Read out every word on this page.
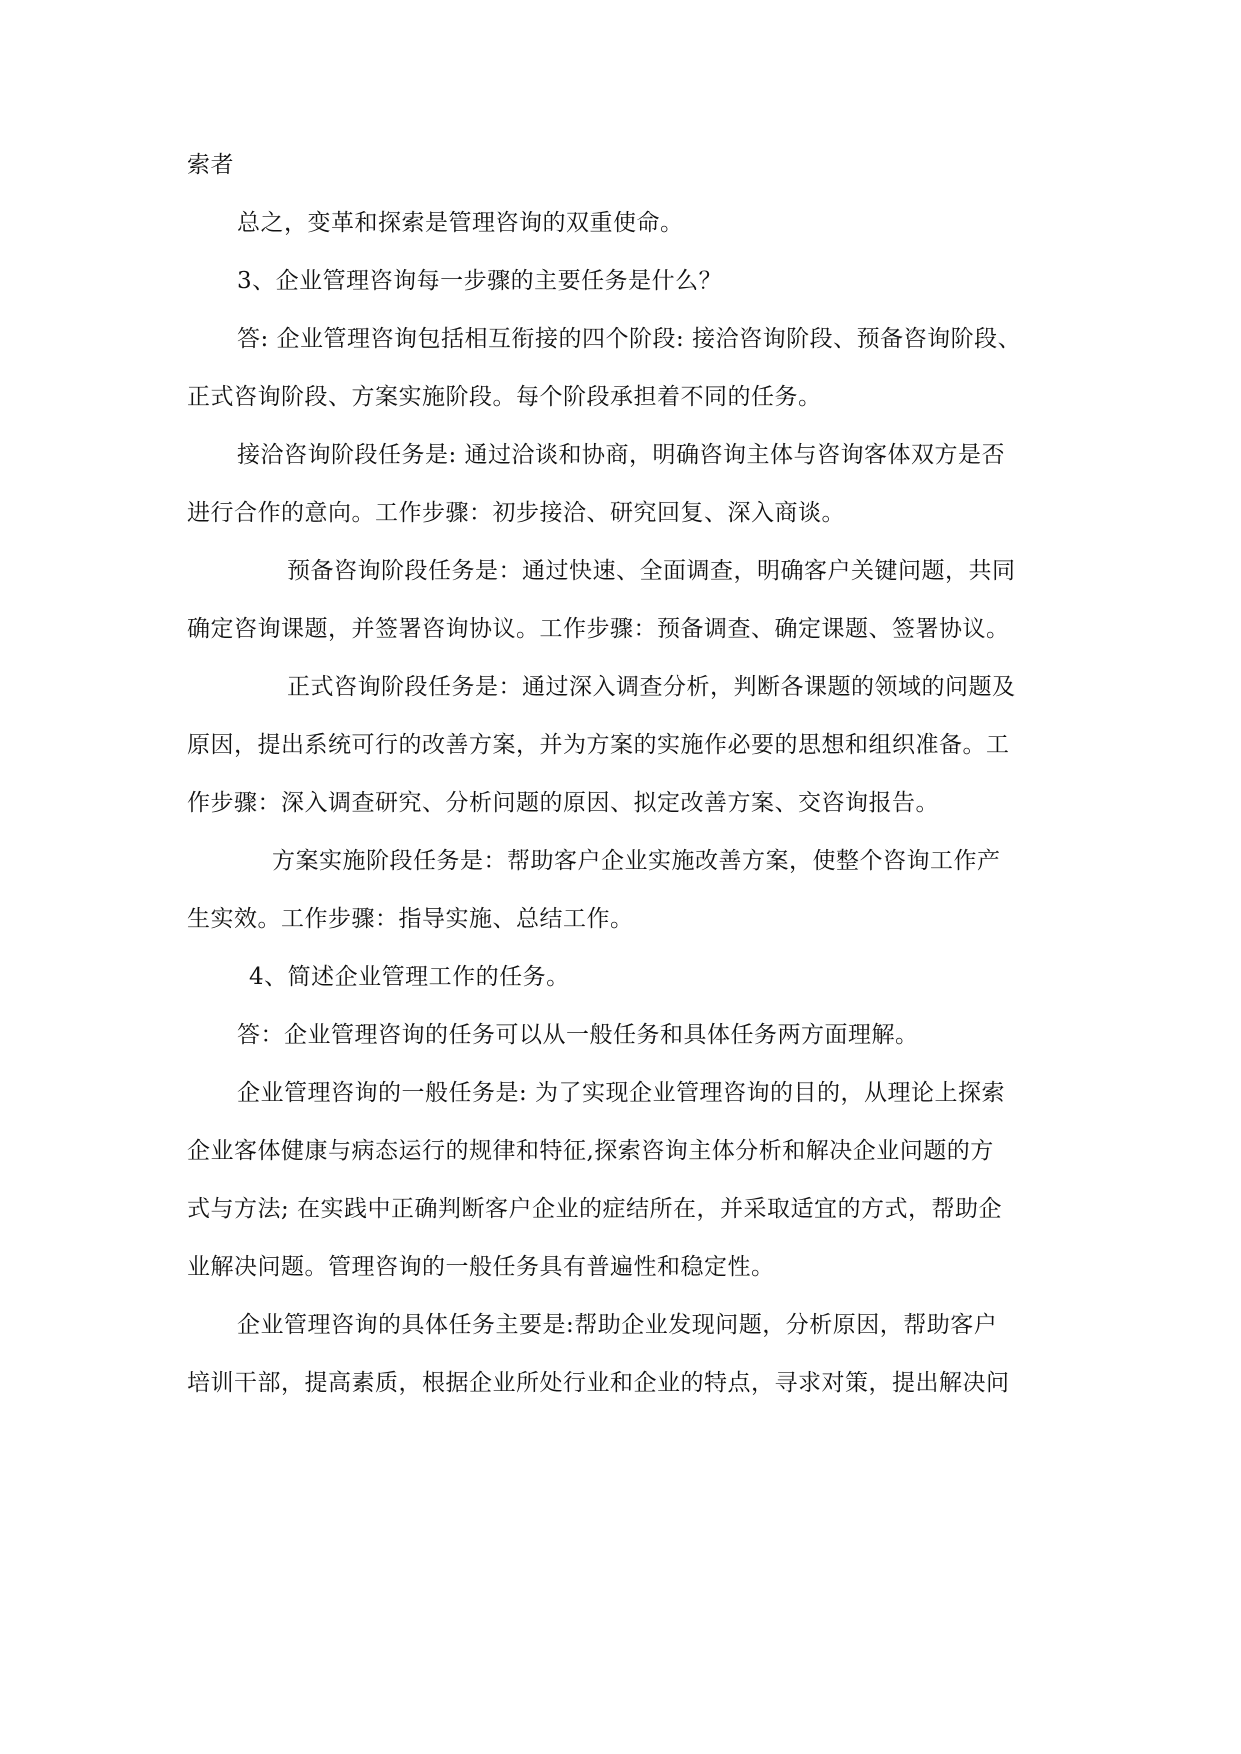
索者
总之，变革和探索是管理咨询的双重使命。
3、企业管理咨询每一步骤的主要任务是什么？
答: 企业管理咨询包括相互衔接的四个阶段: 接洽咨询阶段、预备咨询阶段、
正式咨询阶段、方案实施阶段。每个阶段承担着不同的任务。
接洽咨询阶段任务是: 通过洽谈和协商，明确咨询主体与咨询客体双方是否
进行合作的意向。工作步骤：初步接洽、研究回复、深入商谈。
预备咨询阶段任务是：通过快速、全面调查，明确客户关键问题，共同
确定咨询课题，并签署咨询协议。工作步骤：预备调查、确定课题、签署协议。
正式咨询阶段任务是：通过深入调查分析，判断各课题的领域的问题及
原因，提出系统可行的改善方案，并为方案的实施作必要的思想和组织准备。工
作步骤：深入调查研究、分析问题的原因、拟定改善方案、交咨询报告。
方案实施阶段任务是：帮助客户企业实施改善方案，使整个咨询工作产
生实效。工作步骤：指导实施、总结工作。
4、简述企业管理工作的任务。
答：企业管理咨询的任务可以从一般任务和具体任务两方面理解。
企业管理咨询的一般任务是: 为了实现企业管理咨询的目的，从理论上探索
企业客体健康与病态运行的规律和特征,探索咨询主体分析和解决企业问题的方
式与方法; 在实践中正确判断客户企业的症结所在，并采取适宜的方式，帮助企
业解决问题。管理咨询的一般任务具有普遍性和稳定性。
企业管理咨询的具体任务主要是:帮助企业发现问题，分析原因，帮助客户
培训干部，提高素质，根据企业所处行业和企业的特点，寻求对策，提出解决问
